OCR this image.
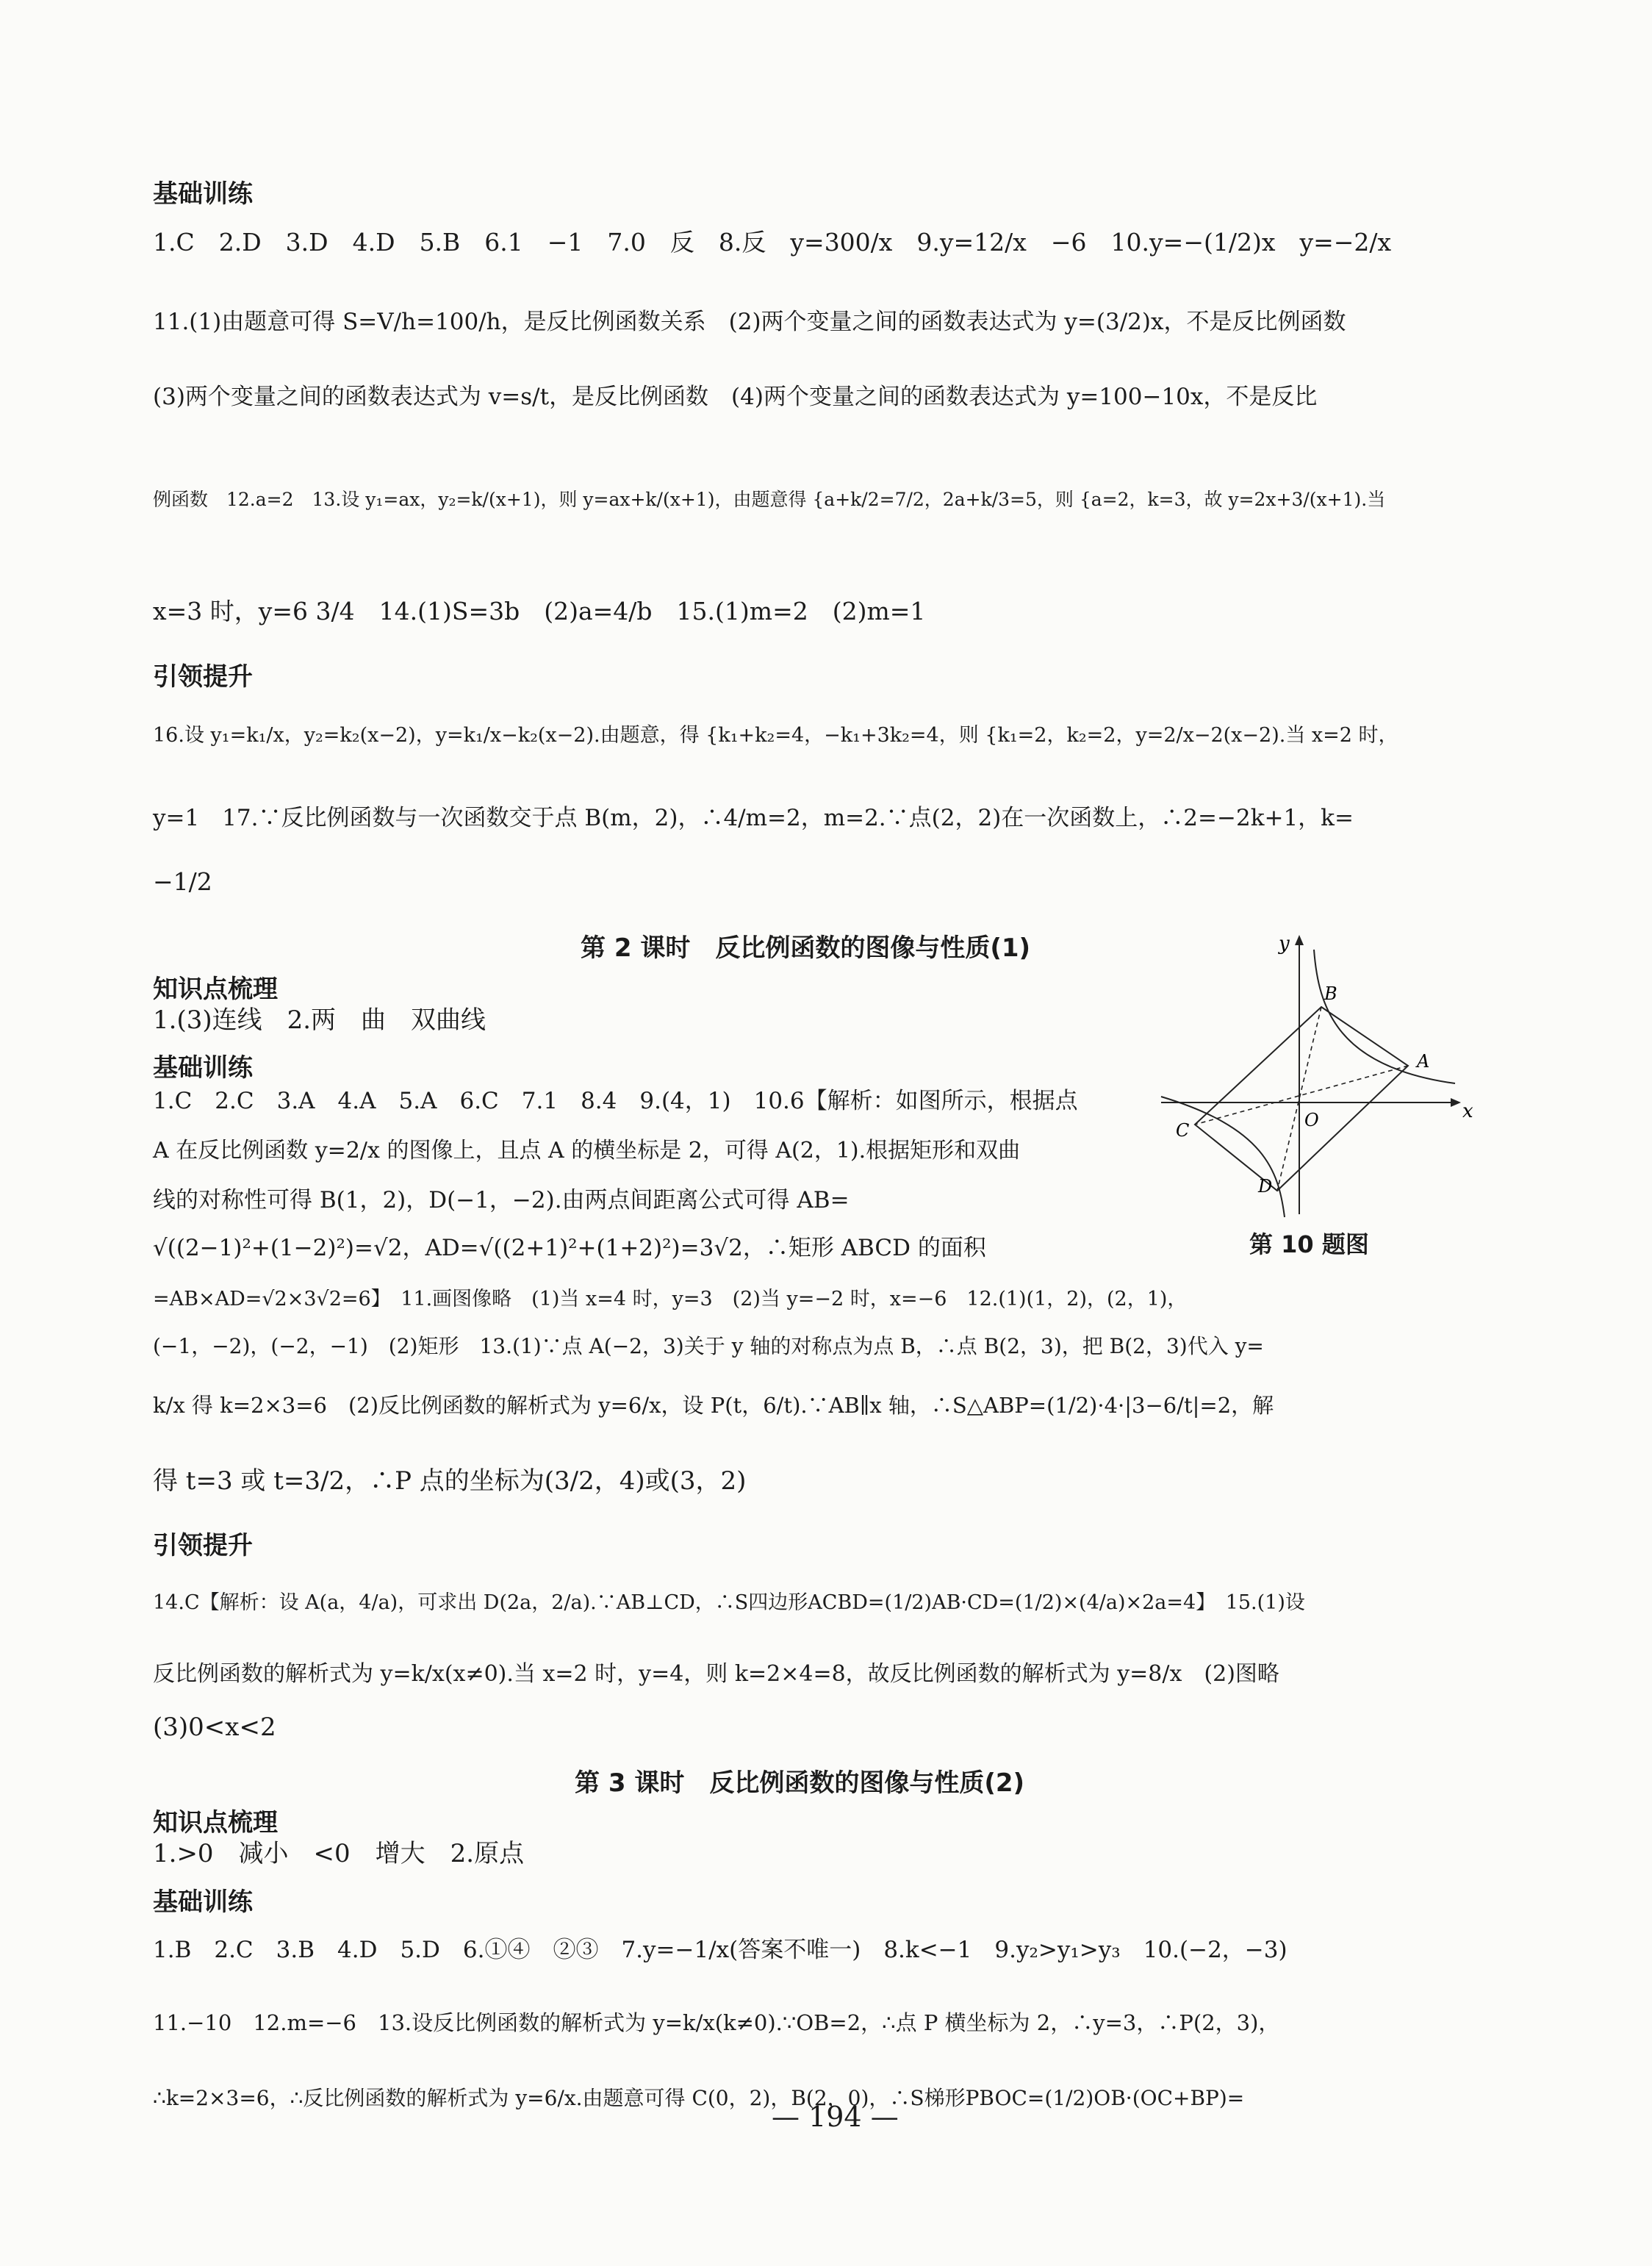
基础训练
1.C　2.D　3.D　4.D　5.B　6.1　−1　7.0　反　8.反　y=300/x　9.y=12/x　−6　10.y=−(1/2)x　y=−2/x
11.(1)由题意可得 S=V/h=100/h，是反比例函数关系　(2)两个变量之间的函数表达式为 y=(3/2)x，不是反比例函数
(3)两个变量之间的函数表达式为 v=s/t，是反比例函数　(4)两个变量之间的函数表达式为 y=100−10x，不是反比
例函数　12.a=2　13.设 y₁=ax，y₂=k/(x+1)，则 y=ax+k/(x+1)，由题意得 {a+k/2=7/2，2a+k/3=5，则 {a=2，k=3，故 y=2x+3/(x+1).当
x=3 时，y=6 3/4　14.(1)S=3b　(2)a=4/b　15.(1)m=2　(2)m=1
引领提升
16.设 y₁=k₁/x，y₂=k₂(x−2)，y=k₁/x−k₂(x−2).由题意，得 {k₁+k₂=4，−k₁+3k₂=4，则 {k₁=2，k₂=2，y=2/x−2(x−2).当 x=2 时，
y=1　17.∵反比例函数与一次函数交于点 B(m，2)，∴4/m=2，m=2.∵点(2，2)在一次函数上，∴2=−2k+1，k=
−1/2
第 2 课时　反比例函数的图像与性质(1)
知识点梳理
1.(3)连线　2.两　曲　双曲线
基础训练
1.C　2.C　3.A　4.A　5.A　6.C　7.1　8.4　9.(4，1)　10.6【解析：如图所示，根据点
A 在反比例函数 y=2/x 的图像上，且点 A 的横坐标是 2，可得 A(2，1).根据矩形和双曲
线的对称性可得 B(1，2)，D(−1，−2).由两点间距离公式可得 AB=
√((2−1)²+(1−2)²)=√2，AD=√((2+1)²+(1+2)²)=3√2，∴矩形 ABCD 的面积
=AB×AD=√2×3√2=6】　11.画图像略　(1)当 x=4 时，y=3　(2)当 y=−2 时，x=−6　12.(1)(1，2)，(2，1)，
(−1，−2)，(−2，−1)　(2)矩形　13.(1)∵点 A(−2，3)关于 y 轴的对称点为点 B，∴点 B(2，3)，把 B(2，3)代入 y=
k/x 得 k=2×3=6　(2)反比例函数的解析式为 y=6/x，设 P(t，6/t).∵AB∥x 轴，∴S△ABP=(1/2)·4·|3−6/t|=2，解
得 t=3 或 t=3/2，∴P 点的坐标为(3/2，4)或(3，2)
引领提升
14.C【解析：设 A(a，4/a)，可求出 D(2a，2/a).∵AB⊥CD，∴S四边形ACBD=(1/2)AB·CD=(1/2)×(4/a)×2a=4】　15.(1)设
反比例函数的解析式为 y=k/x(x≠0).当 x=2 时，y=4，则 k=2×4=8，故反比例函数的解析式为 y=8/x　(2)图略
(3)0<x<2
第 3 课时　反比例函数的图像与性质(2)
知识点梳理
1.>0　减小　<0　增大　2.原点
基础训练
1.B　2.C　3.B　4.D　5.D　6.①④　②③　7.y=−1/x(答案不唯一)　8.k<−1　9.y₂>y₁>y₃　10.(−2，−3)
11.−10　12.m=−6　13.设反比例函数的解析式为 y=k/x(k≠0).∵OB=2，∴点 P 横坐标为 2，∴y=3，∴P(2，3)，
∴k=2×3=6，∴反比例函数的解析式为 y=6/x.由题意可得 C(0，2)，B(2，0)，∴S梯形PBOC=(1/2)OB·(OC+BP)=
x
y
O
A
B
C
D
第 10 题图
— 194 —
